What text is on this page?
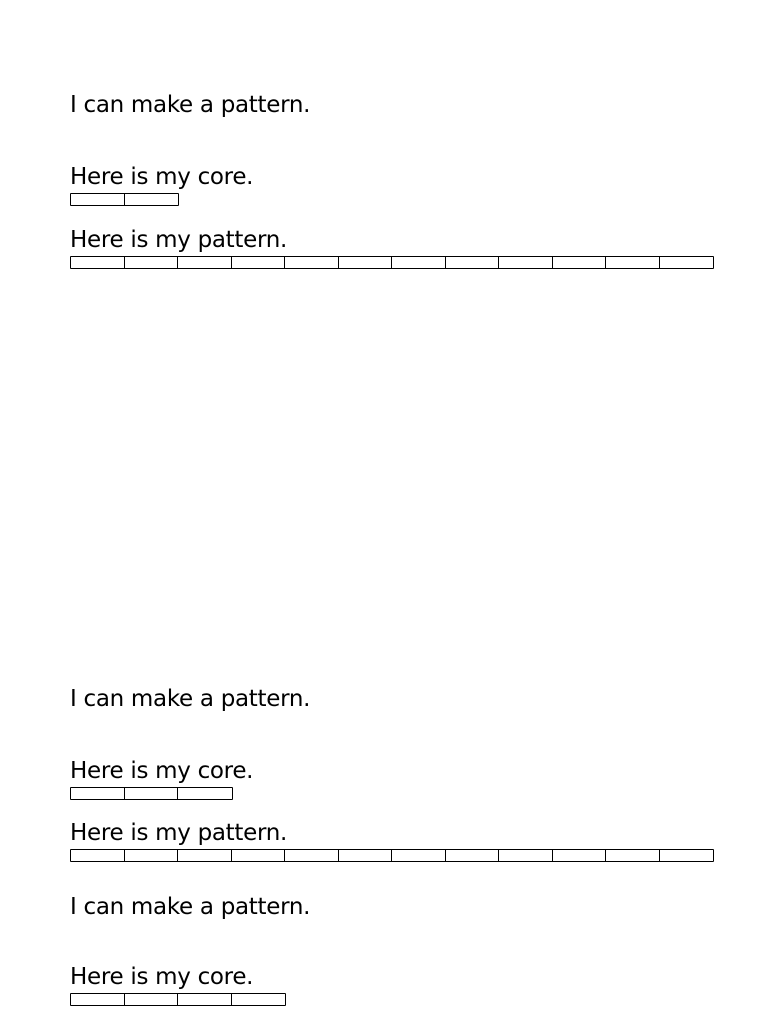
I can make a pattern.
Here is my core.
Here is my pattern.
I can make a pattern.
Here is my core.
Here is my pattern.
I can make a pattern.
Here is my core.
